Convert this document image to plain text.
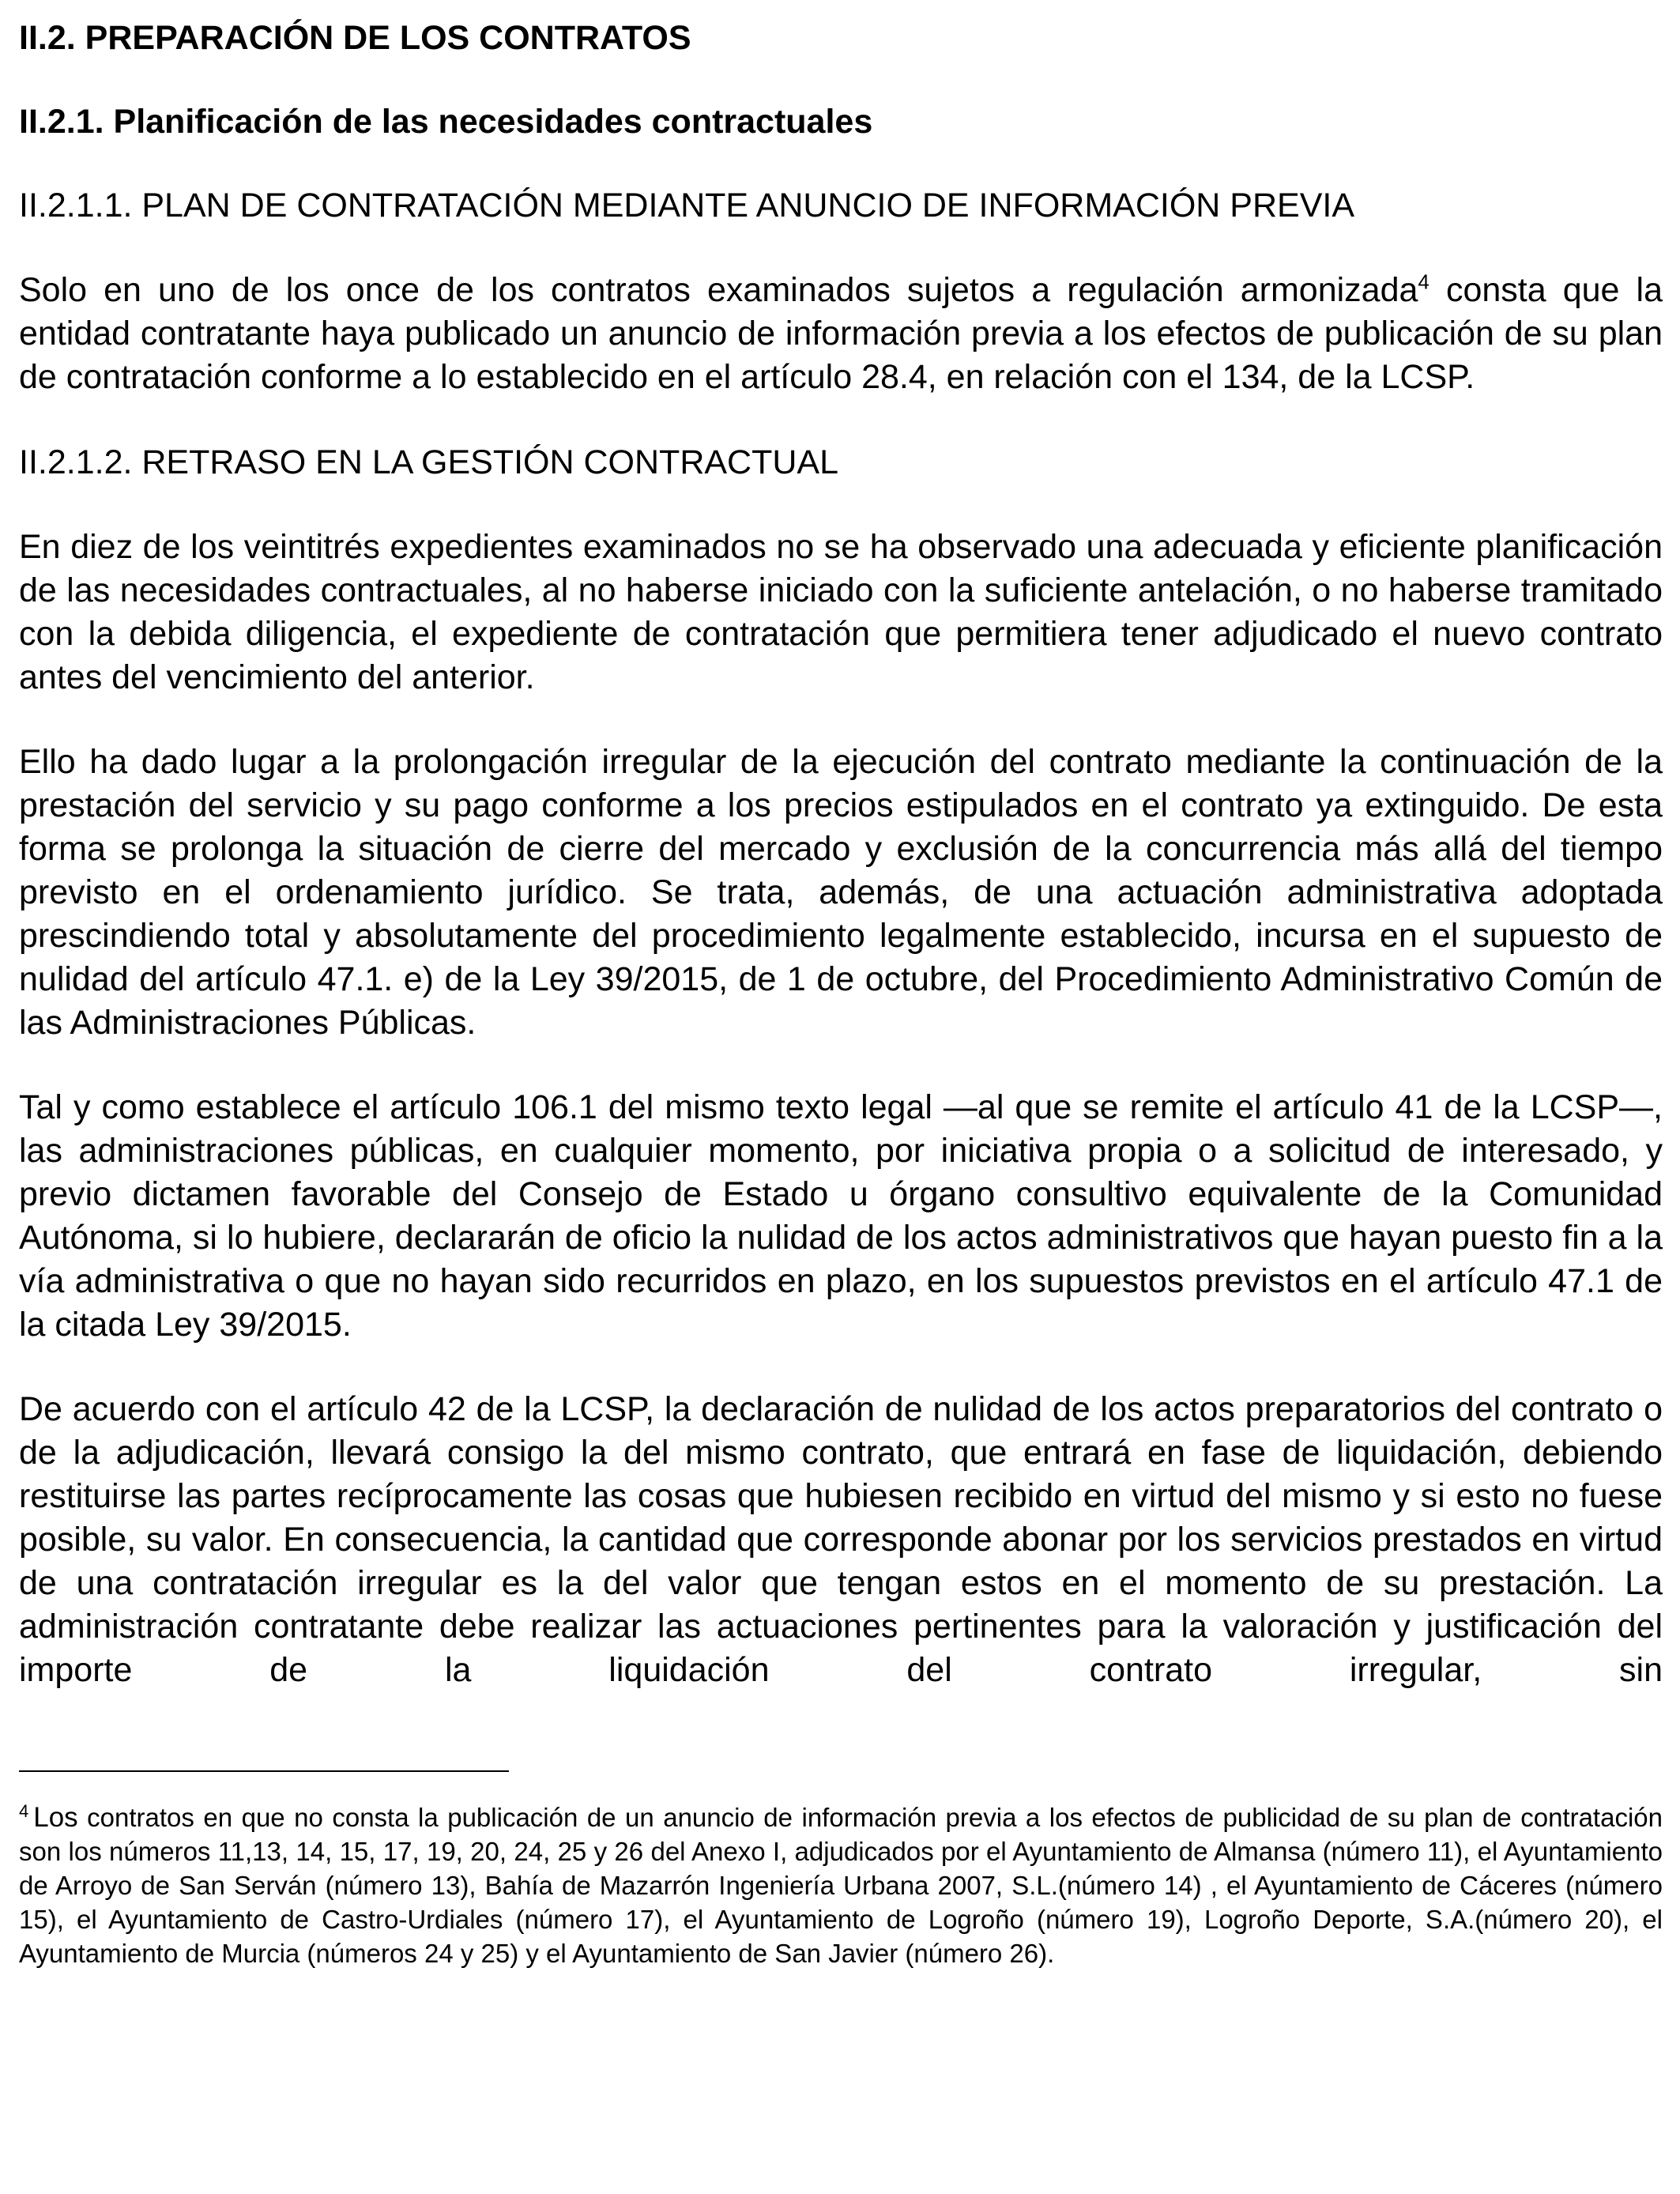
II.2. PREPARACIÓN DE LOS CONTRATOS
II.2.1. Planificación de las necesidades contractuales
II.2.1.1. PLAN DE CONTRATACIÓN MEDIANTE ANUNCIO DE INFORMACIÓN PREVIA

Solo en uno de los once de los contratos examinados sujetos a regulación armonizada$^4$ consta que la entidad contratante haya publicado un anuncio de información previa a los efectos de publicación de su plan de contratación conforme a lo establecido en el artículo 28.4, en relación con el 134, de la LCSP.

II.2.1.2. RETRASO EN LA GESTIÓN CONTRACTUAL

En diez de los veintitrés expedientes examinados no se ha observado una adecuada y eficiente planificación de las necesidades contractuales, al no haberse iniciado con la suficiente antelación, o no haberse tramitado con la debida diligencia, el expediente de contratación que permitiera tener adjudicado el nuevo contrato antes del vencimiento del anterior.

Ello ha dado lugar a la prolongación irregular de la ejecución del contrato mediante la continuación de la prestación del servicio y su pago conforme a los precios estipulados en el contrato ya extinguido. De esta forma se prolonga la situación de cierre del mercado y exclusión de la concurrencia más allá del tiempo previsto en el ordenamiento jurídico. Se trata, además, de una actuación administrativa adoptada prescindiendo total y absolutamente del procedimiento legalmente establecido, incursa en el supuesto de nulidad del artículo 47.1. e) de la Ley 39/2015, de 1 de octubre, del Procedimiento Administrativo Común de las Administraciones Públicas.

Tal y como establece el artículo 106.1 del mismo texto legal —al que se remite el artículo 41 de la LCSP—, las administraciones públicas, en cualquier momento, por iniciativa propia o a solicitud de interesado, y previo dictamen favorable del Consejo de Estado u órgano consultivo equivalente de la Comunidad Autónoma, si lo hubiere, declararán de oficio la nulidad de los actos administrativos que hayan puesto fin a la vía administrativa o que no hayan sido recurridos en plazo, en los supuestos previstos en el artículo 47.1 de la citada Ley 39/2015.

De acuerdo con el artículo 42 de la LCSP, la declaración de nulidad de los actos preparatorios del contrato o de la adjudicación, llevará consigo la del mismo contrato, que entrará en fase de liquidación, debiendo restituirse las partes recíprocamente las cosas que hubiesen recibido en virtud del mismo y si esto no fuese posible, su valor. En consecuencia, la cantidad que corresponde abonar por los servicios prestados en virtud de una contratación irregular es la del valor que tengan estos en el momento de su prestación. La administración contratante debe realizar las actuaciones pertinentes para la valoración y justificación del importe de la liquidación del contrato irregular, sin

$^4$ Los contratos en que no consta la publicación de un anuncio de información previa a los efectos de publicidad de su plan de contratación son los números 11,13, 14, 15, 17, 19, 20, 24, 25 y 26 del Anexo I, adjudicados por el Ayuntamiento de Almansa (número 11), el Ayuntamiento de Arroyo de San Serván (número 13), Bahía de Mazarrón Ingeniería Urbana 2007, S.L.(número 14) , el Ayuntamiento de Cáceres (número 15), el Ayuntamiento de Castro-Urdiales (número 17), el Ayuntamiento de Logroño (número 19), Logroño Deporte, S.A.(número 20), el Ayuntamiento de Murcia (números 24 y 25) y el Ayuntamiento de San Javier (número 26).
